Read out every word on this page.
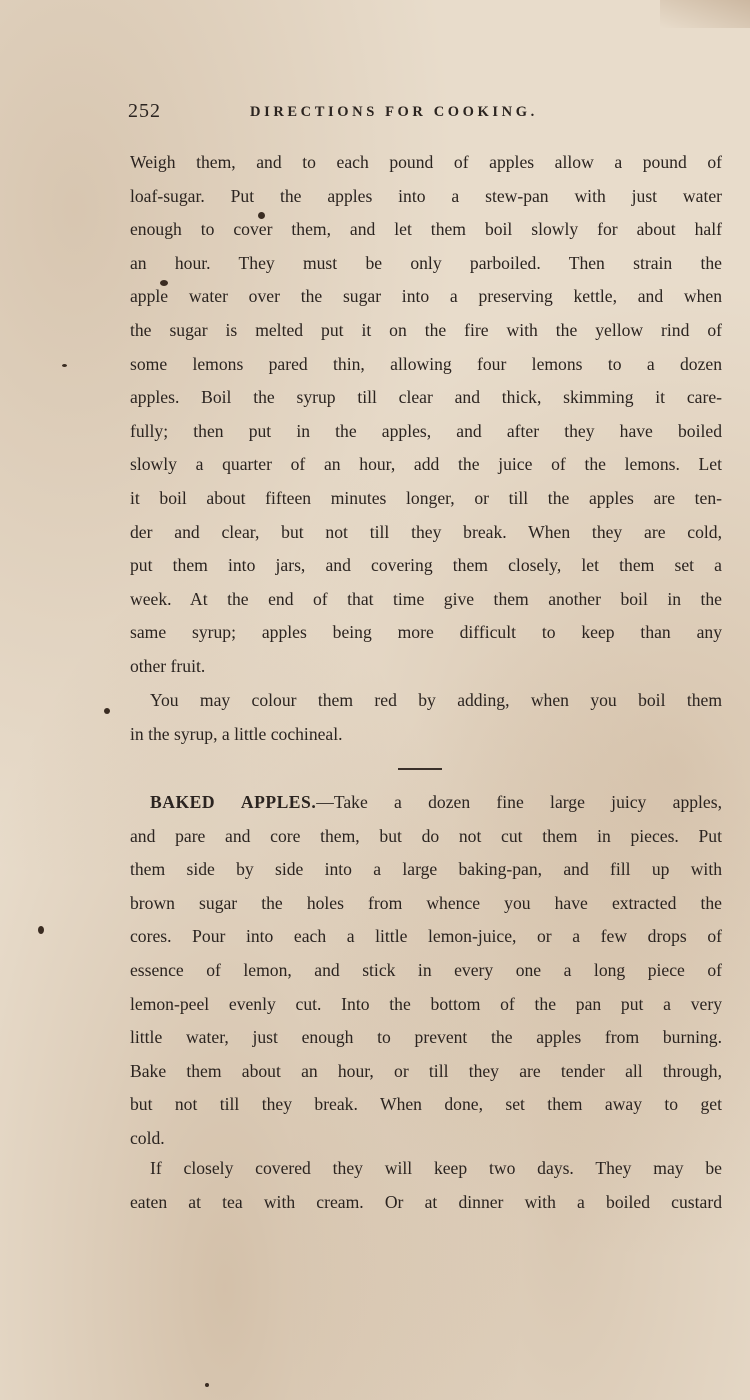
252	DIRECTIONS FOR COOKING.
Weigh them, and to each pound of apples allow a pound of
loaf-sugar. Put the apples into a stew-pan with just water
enough to cover them, and let them boil slowly for about half
an hour. They must be only parboiled. Then strain the
apple water over the sugar into a preserving kettle, and when
the sugar is melted put it on the fire with the yellow rind of
some lemons pared thin, allowing four lemons to a dozen
apples. Boil the syrup till clear and thick, skimming it care-
fully; then put in the apples, and after they have boiled
slowly a quarter of an hour, add the juice of the lemons. Let
it boil about fifteen minutes longer, or till the apples are ten-
der and clear, but not till they break. When they are cold,
put them into jars, and covering them closely, let them set a
week. At the end of that time give them another boil in the
same syrup; apples being more difficult to keep than any
other fruit.
You may colour them red by adding, when you boil them
in the syrup, a little cochineal.
BAKED APPLES.—Take a dozen fine large juicy apples,
and pare and core them, but do not cut them in pieces. Put
them side by side into a large baking-pan, and fill up with
brown sugar the holes from whence you have extracted the
cores. Pour into each a little lemon-juice, or a few drops of
essence of lemon, and stick in every one a long piece of
lemon-peel evenly cut. Into the bottom of the pan put a very
little water, just enough to prevent the apples from burning.
Bake them about an hour, or till they are tender all through,
but not till they break. When done, set them away to get
cold.
If closely covered they will keep two days. They may be
eaten at tea with cream. Or at dinner with a boiled custard
